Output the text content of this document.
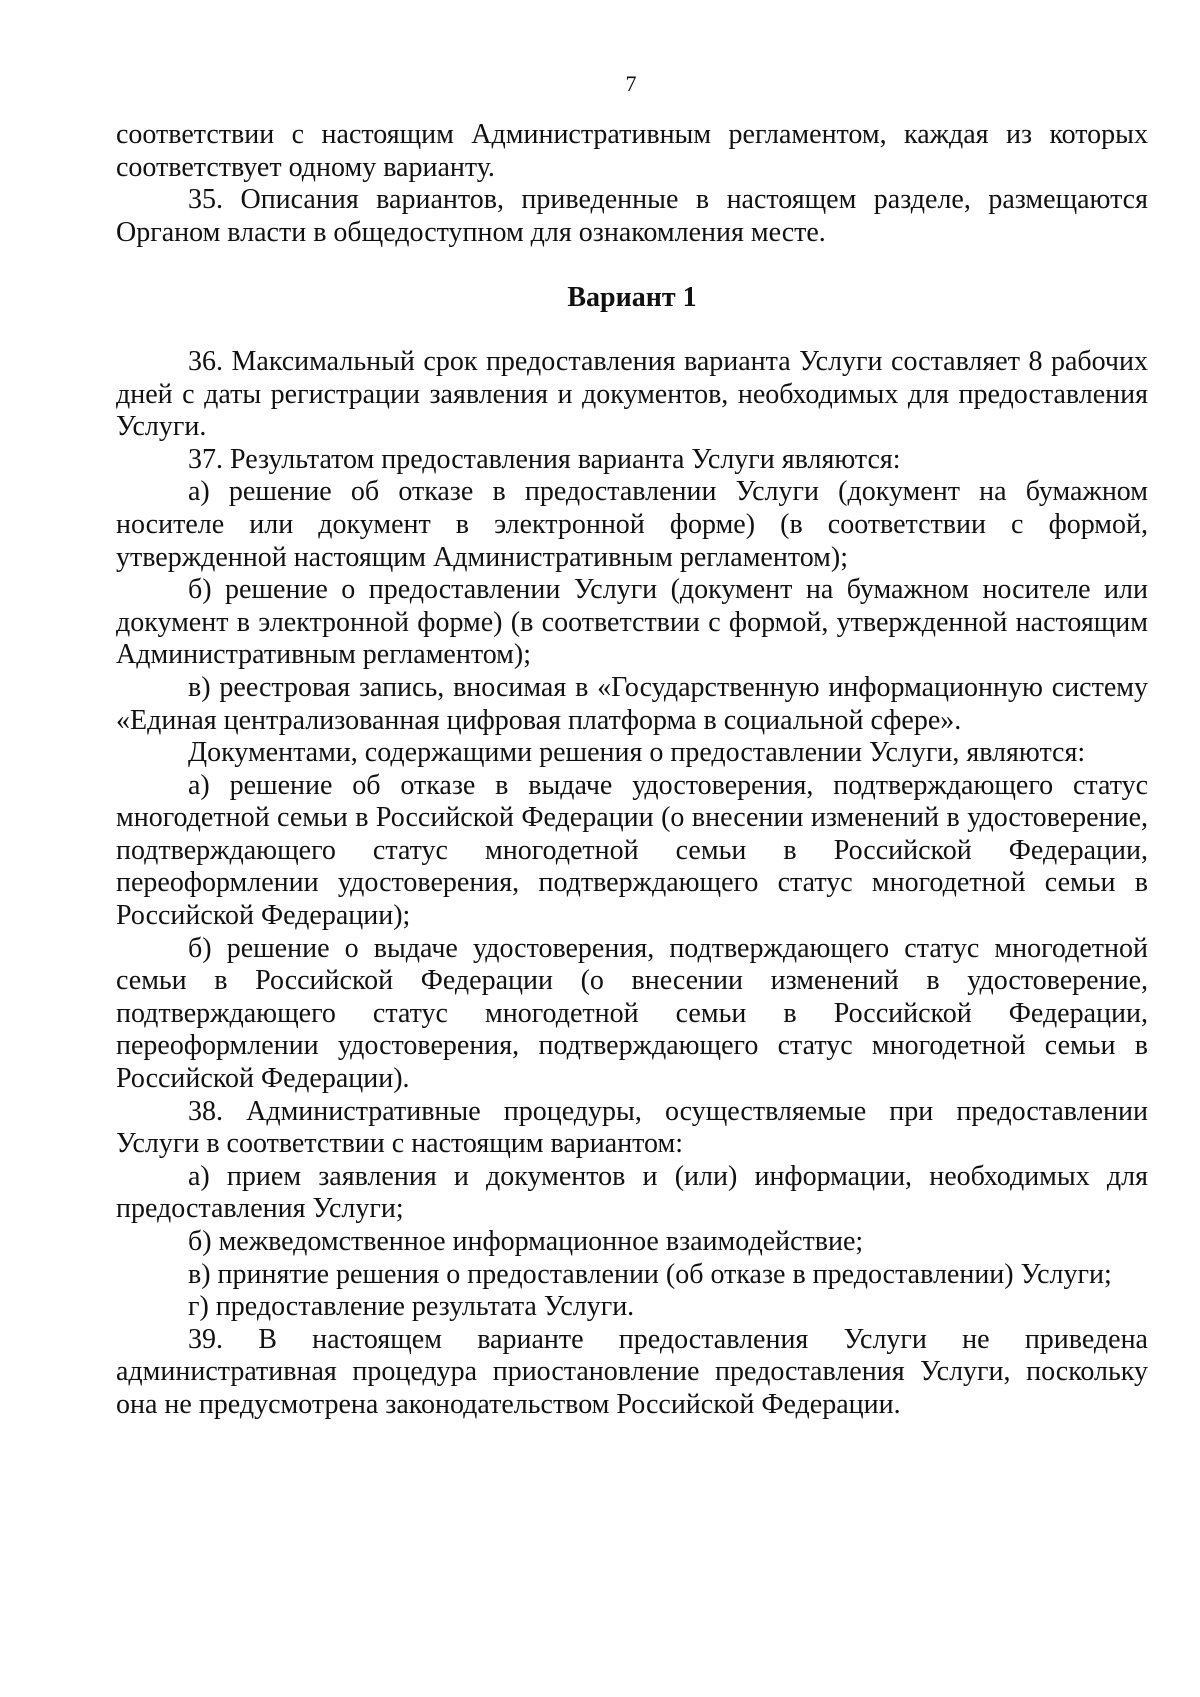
7

соответствии с настоящим Административным регламентом, каждая из которых соответствует одному варианту.

35. Описания вариантов, приведенные в настоящем разделе, размещаются Органом власти в общедоступном для ознакомления месте.

Вариант 1

36. Максимальный срок предоставления варианта Услуги составляет 8 рабочих дней с даты регистрации заявления и документов, необходимых для предоставления Услуги.

37. Результатом предоставления варианта Услуги являются:

а) решение об отказе в предоставлении Услуги (документ на бумажном носителе или документ в электронной форме) (в соответствии с формой, утвержденной настоящим Административным регламентом);

б) решение о предоставлении Услуги (документ на бумажном носителе или документ в электронной форме) (в соответствии с формой, утвержденной настоящим Административным регламентом);

в) реестровая запись, вносимая в «Государственную информационную систему «Единая централизованная цифровая платформа в социальной сфере».

Документами, содержащими решения о предоставлении Услуги, являются:

а) решение об отказе в выдаче удостоверения, подтверждающего статус многодетной семьи в Российской Федерации (о внесении изменений в удостоверение, подтверждающего статус многодетной семьи в Российской Федерации, переоформлении удостоверения, подтверждающего статус многодетной семьи в Российской Федерации);

б) решение о выдаче удостоверения, подтверждающего статус многодетной семьи в Российской Федерации (о внесении изменений в удостоверение, подтверждающего статус многодетной семьи в Российской Федерации, переоформлении удостоверения, подтверждающего статус многодетной семьи в Российской Федерации).

38. Административные процедуры, осуществляемые при предоставлении Услуги в соответствии с настоящим вариантом:

а) прием заявления и документов и (или) информации, необходимых для предоставления Услуги;

б) межведомственное информационное взаимодействие;

в) принятие решения о предоставлении (об отказе в предоставлении) Услуги;

г) предоставление результата Услуги.

39. В настоящем варианте предоставления Услуги не приведена административная процедура приостановление предоставления Услуги, поскольку она не предусмотрена законодательством Российской Федерации.
